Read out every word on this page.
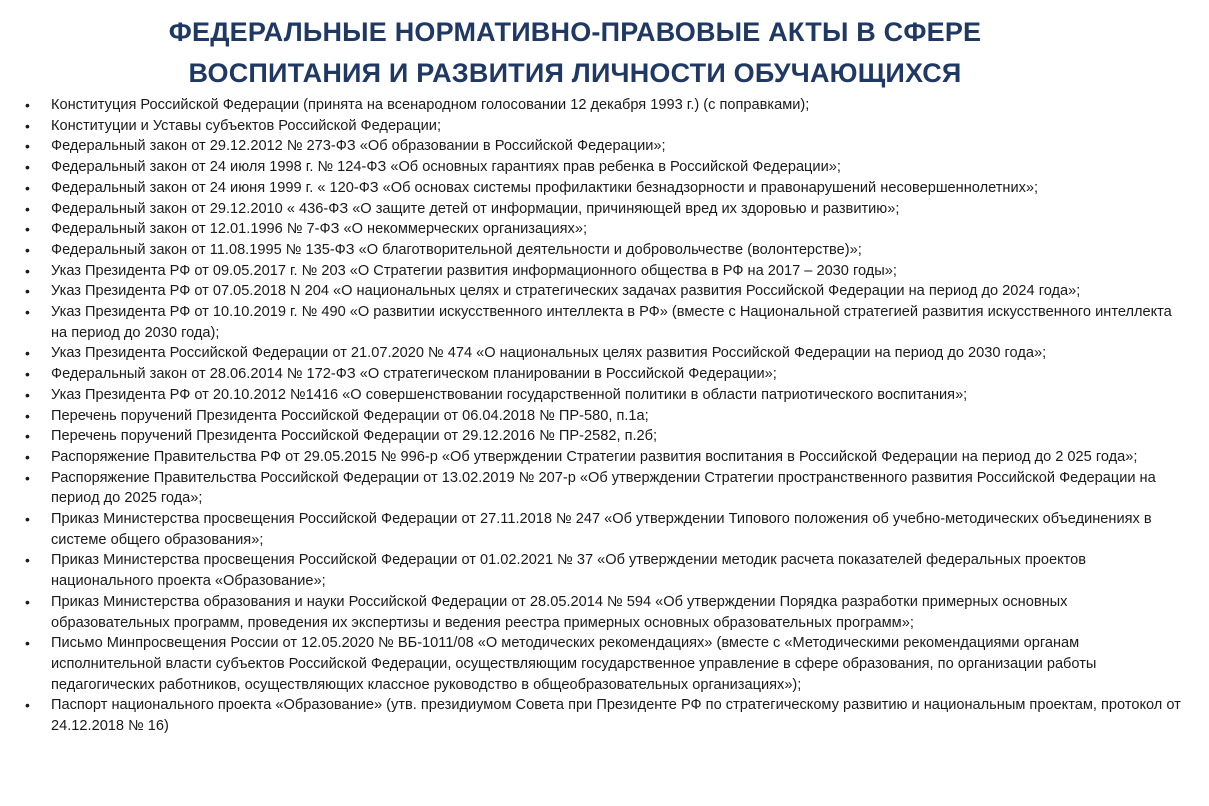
ФЕДЕРАЛЬНЫЕ НОРМАТИВНО-ПРАВОВЫЕ АКТЫ В СФЕРЕ
ВОСПИТАНИЯ И РАЗВИТИЯ ЛИЧНОСТИ ОБУЧАЮЩИХСЯ
• Конституция Российской Федерации (принята на всенародном голосовании 12 декабря 1993 г.) (с поправками);
• Конституции и Уставы субъектов Российской Федерации;
• Федеральный закон от 29.12.2012 № 273-ФЗ «Об образовании в Российской Федерации»;
• Федеральный закон от 24 июля 1998 г. № 124-ФЗ «Об основных гарантиях прав ребенка в Российской Федерации»;
• Федеральный закон от 24 июня 1999 г. « 120-ФЗ «Об основах системы профилактики безнадзорности и правонарушений несовершеннолетних»;
• Федеральный закон от 29.12.2010 « 436-ФЗ «О защите детей от информации, причиняющей вред их здоровью и развитию»;
• Федеральный закон от 12.01.1996 № 7-ФЗ «О некоммерческих организациях»;
• Федеральный закон от 11.08.1995 № 135-ФЗ «О благотворительной деятельности и добровольчестве (волонтерстве)»;
• Указ Президента РФ от 09.05.2017 г. № 203 «О Стратегии развития информационного общества в РФ на 2017 – 2030 годы»;
• Указ Президента РФ от 07.05.2018 N 204 «О национальных целях и стратегических задачах развития Российской Федерации на период до 2024 года»;
• Указ Президента РФ от 10.10.2019 г. № 490 «О развитии искусственного интеллекта в РФ» (вместе с Национальной стратегией развития искусственного интеллекта на период до 2030 года);
• Указ Президента Российской Федерации от 21.07.2020 № 474 «О национальных целях развития Российской Федерации на период до 2030 года»;
• Федеральный закон от 28.06.2014 № 172-ФЗ «О стратегическом планировании в Российской Федерации»;
• Указ Президента РФ от 20.10.2012 №1416 «О совершенствовании государственной политики в области патриотического воспитания»;
• Перечень поручений Президента Российской Федерации от 06.04.2018 № ПР-580, п.1а;
• Перечень поручений Президента Российской Федерации от 29.12.2016 № ПР-2582, п.2б;
• Распоряжение Правительства РФ от 29.05.2015 № 996-р «Об утверждении Стратегии развития воспитания в Российской Федерации на период до 2 025 года»;
• Распоряжение Правительства Российской Федерации от 13.02.2019 № 207-р «Об утверждении Стратегии пространственного развития Российской Федерации на период до 2025 года»;
• Приказ Министерства просвещения Российской Федерации от 27.11.2018 № 247 «Об утверждении Типового положения об учебно-методических объединениях в системе общего образования»;
• Приказ Министерства просвещения Российской Федерации от 01.02.2021 № 37 «Об утверждении методик расчета показателей федеральных проектов национального проекта «Образование»;
• Приказ Министерства образования и науки Российской Федерации от 28.05.2014 № 594 «Об утверждении Порядка разработки примерных основных образовательных программ, проведения их экспертизы и ведения реестра примерных основных образовательных программ»;
• Письмо Минпросвещения России от 12.05.2020 № ВБ-1011/08 «О методических рекомендациях» (вместе с «Методическими рекомендациями органам исполнительной власти субъектов Российской Федерации, осуществляющим государственное управление в сфере образования, по организации работы педагогических работников, осуществляющих классное руководство в общеобразовательных организациях»);
• Паспорт национального проекта «Образование» (утв. президиумом Совета при Президенте РФ по стратегическому развитию и национальным проектам, протокол от 24.12.2018 № 16)
